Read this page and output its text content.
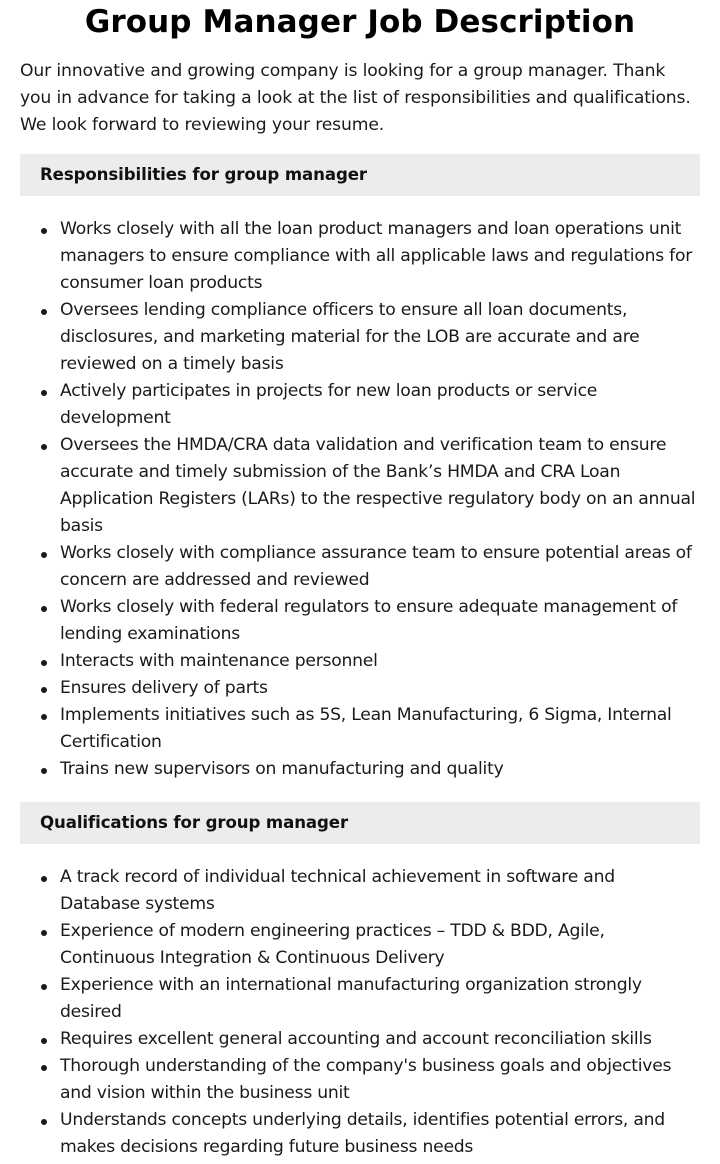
Group Manager Job Description

Our innovative and growing company is looking for a group manager. Thank you in advance for taking a look at the list of responsibilities and qualifications. We look forward to reviewing your resume.

Responsibilities for group manager
Works closely with all the loan product managers and loan operations unit managers to ensure compliance with all applicable laws and regulations for consumer loan products
Oversees lending compliance officers to ensure all loan documents, disclosures, and marketing material for the LOB are accurate and are reviewed on a timely basis
Actively participates in projects for new loan products or service development
Oversees the HMDA/CRA data validation and verification team to ensure accurate and timely submission of the Bank’s HMDA and CRA Loan Application Registers (LARs) to the respective regulatory body on an annual basis
Works closely with compliance assurance team to ensure potential areas of concern are addressed and reviewed
Works closely with federal regulators to ensure adequate management of lending examinations
Interacts with maintenance personnel
Ensures delivery of parts
Implements initiatives such as 5S, Lean Manufacturing, 6 Sigma, Internal Certification
Trains new supervisors on manufacturing and quality
Qualifications for group manager
A track record of individual technical achievement in software and Database systems
Experience of modern engineering practices – TDD & BDD, Agile, Continuous Integration & Continuous Delivery
Experience with an international manufacturing organization strongly desired
Requires excellent general accounting and account reconciliation skills
Thorough understanding of the company's business goals and objectives and vision within the business unit
Understands concepts underlying details, identifies potential errors, and makes decisions regarding future business needs
